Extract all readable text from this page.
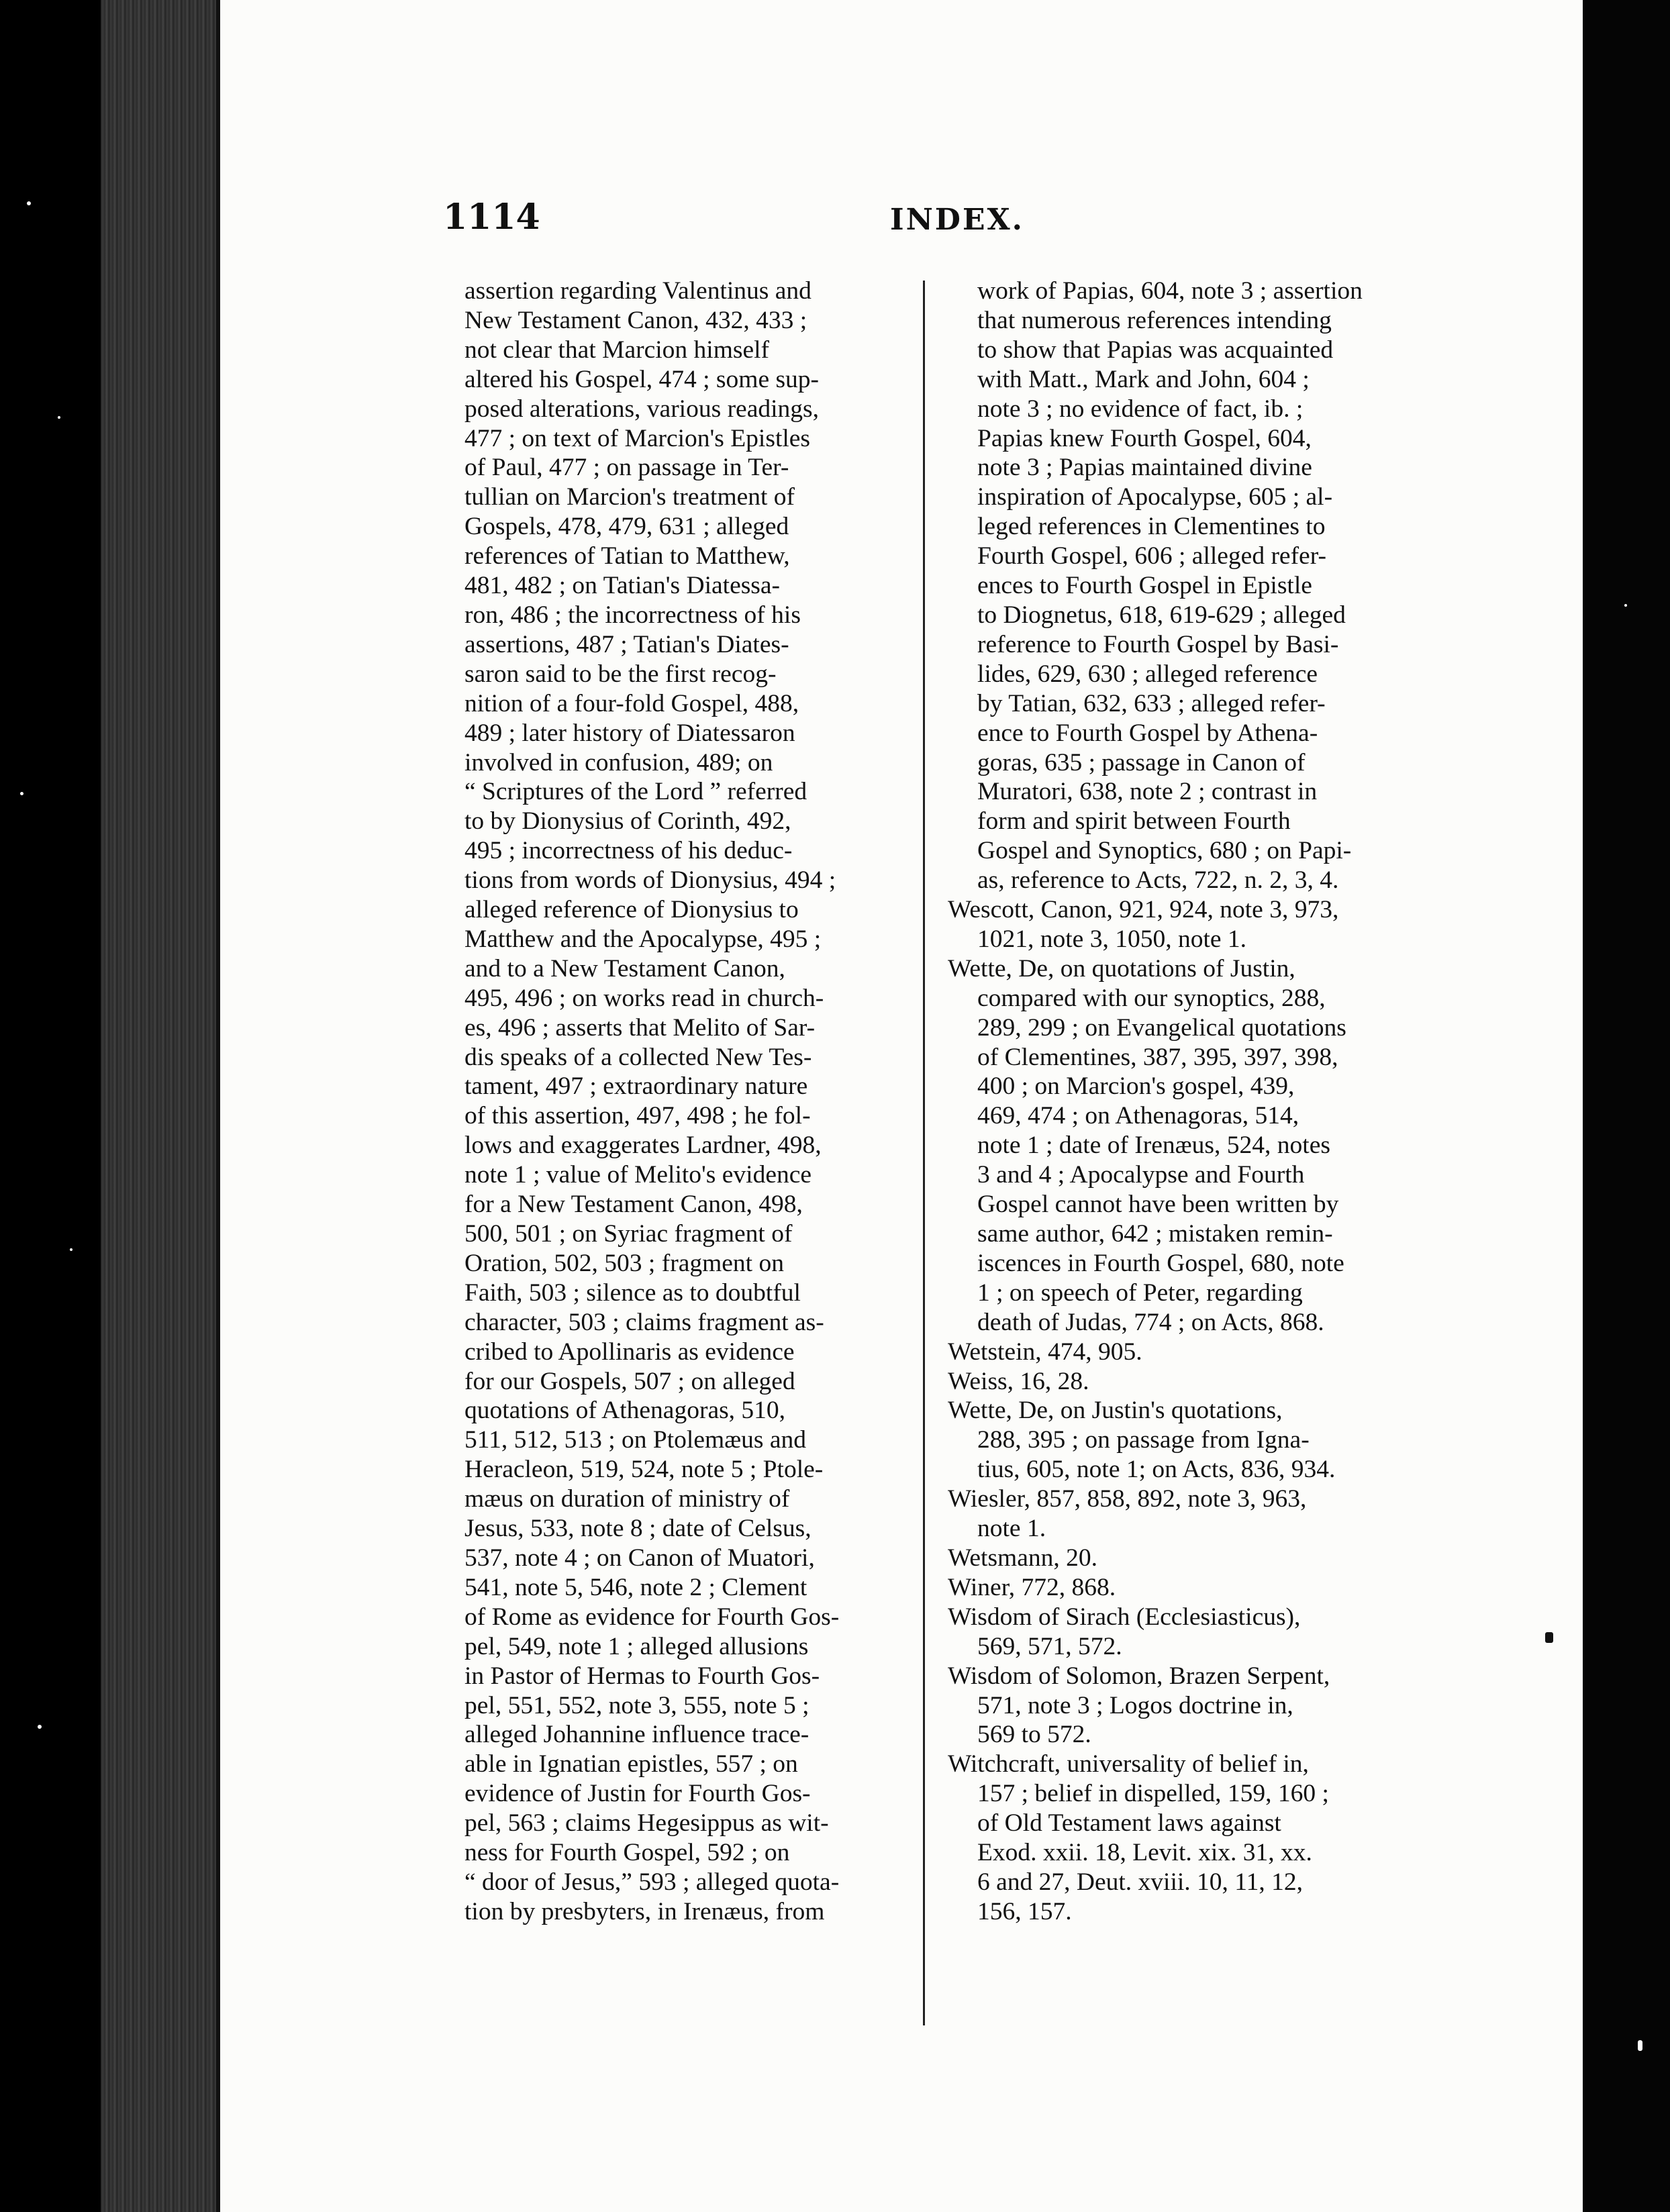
1114	INDEX.
assertion regarding Valentinus and
New Testament Canon, 432, 433 ;
not clear that Marcion himself
altered his Gospel, 474 ; some sup-
posed alterations, various readings,
477 ; on text of Marcion's Epistles
of Paul, 477 ; on passage in Ter-
tullian on Marcion's treatment of
Gospels, 478, 479, 631 ; alleged
references of Tatian to Matthew,
481, 482 ; on Tatian's Diatessa-
ron, 486 ; the incorrectness of his
assertions, 487 ; Tatian's Diates-
saron said to be the first recog-
nition of a four-fold Gospel, 488,
489 ; later history of Diatessaron
involved in confusion, 489; on
“ Scriptures of the Lord ” referred
to by Dionysius of Corinth, 492,
495 ; incorrectness of his deduc-
tions from words of Dionysius, 494 ;
alleged reference of Dionysius to
Matthew and the Apocalypse, 495 ;
and to a New Testament Canon,
495, 496 ; on works read in church-
es, 496 ; asserts that Melito of Sar-
dis speaks of a collected New Tes-
tament, 497 ; extraordinary nature
of this assertion, 497, 498 ; he fol-
lows and exaggerates Lardner, 498,
note 1 ; value of Melito's evidence
for a New Testament Canon, 498,
500, 501 ; on Syriac fragment of
Oration, 502, 503 ; fragment on
Faith, 503 ; silence as to doubtful
character, 503 ; claims fragment as-
cribed to Apollinaris as evidence
for our Gospels, 507 ; on alleged
quotations of Athenagoras, 510,
511, 512, 513 ; on Ptolemæus and
Heracleon, 519, 524, note 5 ; Ptole-
mæus on duration of ministry of
Jesus, 533, note 8 ; date of Celsus,
537, note 4 ; on Canon of Muatori,
541, note 5, 546, note 2 ; Clement
of Rome as evidence for Fourth Gos-
pel, 549, note 1 ; alleged allusions
in Pastor of Hermas to Fourth Gos-
pel, 551, 552, note 3, 555, note 5 ;
alleged Johannine influence trace-
able in Ignatian epistles, 557 ; on
evidence of Justin for Fourth Gos-
pel, 563 ; claims Hegesippus as wit-
ness for Fourth Gospel, 592 ; on
“ door of Jesus,” 593 ; alleged quota-
tion by presbyters, in Irenæus, from
work of Papias, 604, note 3 ; assertion
that numerous references intending
to show that Papias was acquainted
with Matt., Mark and John, 604 ;
note 3 ; no evidence of fact, ib. ;
Papias knew Fourth Gospel, 604,
note 3 ; Papias maintained divine
inspiration of Apocalypse, 605 ; al-
leged references in Clementines to
Fourth Gospel, 606 ; alleged refer-
ences to Fourth Gospel in Epistle
to Diognetus, 618, 619-629 ; alleged
reference to Fourth Gospel by Basi-
lides, 629, 630 ; alleged reference
by Tatian, 632, 633 ; alleged refer-
ence to Fourth Gospel by Athena-
goras, 635 ; passage in Canon of
Muratori, 638, note 2 ; contrast in
form and spirit between Fourth
Gospel and Synoptics, 680 ; on Papi-
as, reference to Acts, 722, n. 2, 3, 4.
Wescott, Canon, 921, 924, note 3, 973,
1021, note 3, 1050, note 1.
Wette, De, on quotations of Justin,
compared with our synoptics, 288,
289, 299 ; on Evangelical quotations
of Clementines, 387, 395, 397, 398,
400 ; on Marcion's gospel, 439,
469, 474 ; on Athenagoras, 514,
note 1 ; date of Irenæus, 524, notes
3 and 4 ; Apocalypse and Fourth
Gospel cannot have been written by
same author, 642 ; mistaken remin-
iscences in Fourth Gospel, 680, note
1 ; on speech of Peter, regarding
death of Judas, 774 ; on Acts, 868.
Wetstein, 474, 905.
Weiss, 16, 28.
Wette, De, on Justin's quotations,
288, 395 ; on passage from Igna-
tius, 605, note 1; on Acts, 836, 934.
Wiesler, 857, 858, 892, note 3, 963,
note 1.
Wetsmann, 20.
Winer, 772, 868.
Wisdom of Sirach (Ecclesiasticus),
569, 571, 572.
Wisdom of Solomon, Brazen Serpent,
571, note 3 ; Logos doctrine in,
569 to 572.
Witchcraft, universality of belief in,
157 ; belief in dispelled, 159, 160 ;
of Old Testament laws against
Exod. xxii. 18, Levit. xix. 31, xx.
6 and 27, Deut. xviii. 10, 11, 12,
156, 157.
